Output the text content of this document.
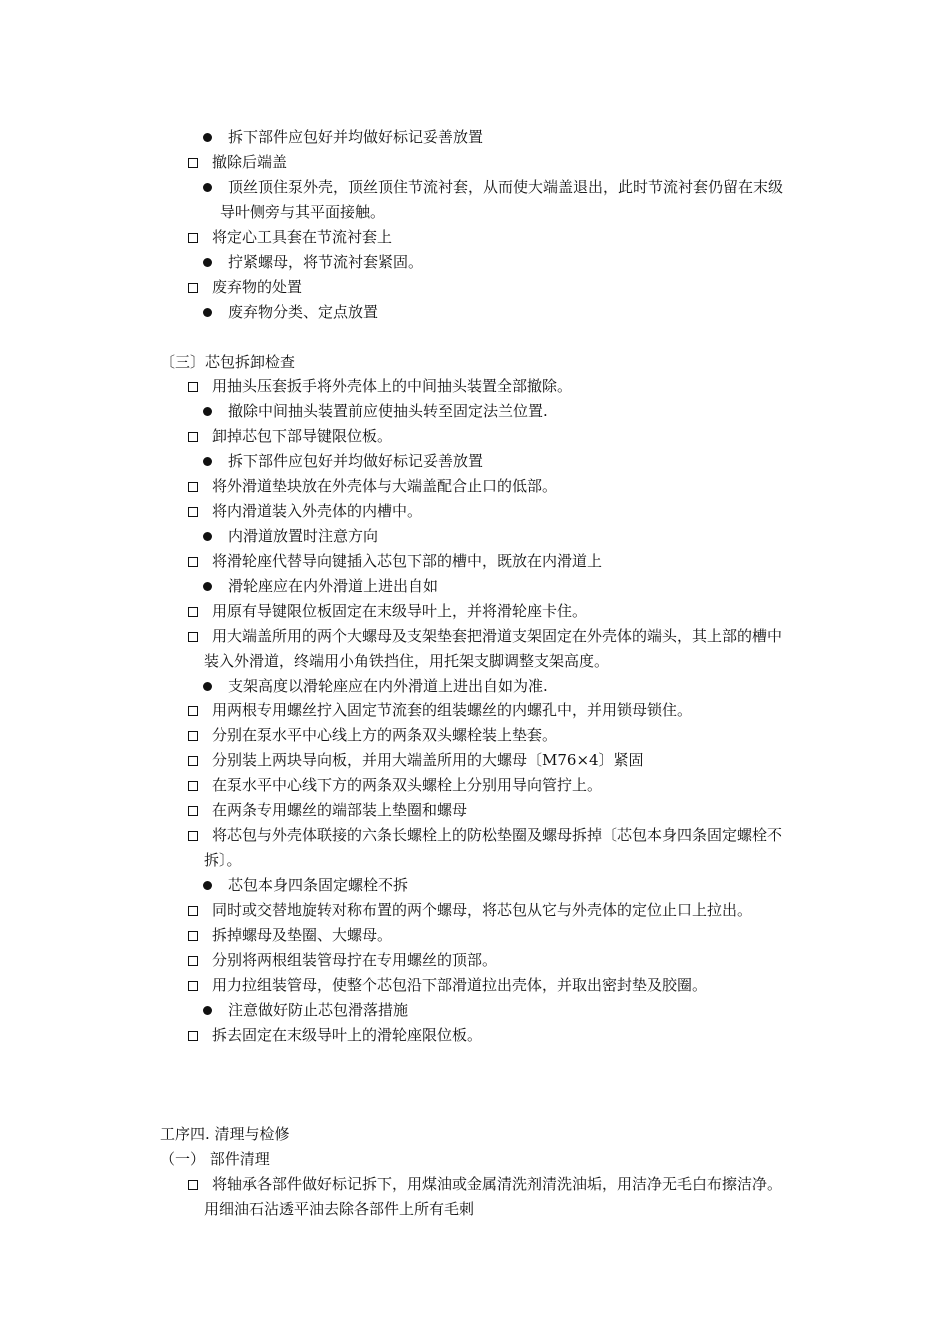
拆下部件应包好并均做好标记妥善放置
撤除后端盖
顶丝顶住泵外壳，顶丝顶住节流衬套，从而使大端盖退出，此时节流衬套仍留在末级
导叶侧旁与其平面接触。
将定心工具套在节流衬套上
拧紧螺母，将节流衬套紧固。
废弃物的处置
废弃物分类、定点放置
〔三〕芯包拆卸检查
用抽头压套扳手将外壳体上的中间抽头装置全部撤除。
撤除中间抽头装置前应使抽头转至固定法兰位置.
卸掉芯包下部导键限位板。
拆下部件应包好并均做好标记妥善放置
将外滑道垫块放在外壳体与大端盖配合止口的低部。
将内滑道装入外壳体的内槽中。
内滑道放置时注意方向
将滑轮座代替导向键插入芯包下部的槽中，既放在内滑道上
滑轮座应在内外滑道上进出自如
用原有导键限位板固定在末级导叶上，并将滑轮座卡住。
用大端盖所用的两个大螺母及支架垫套把滑道支架固定在外壳体的端头，其上部的槽中
装入外滑道，终端用小角铁挡住，用托架支脚调整支架高度。
支架高度以滑轮座应在内外滑道上进出自如为准.
用两根专用螺丝拧入固定节流套的组装螺丝的内螺孔中，并用锁母锁住。
分别在泵水平中心线上方的两条双头螺栓装上垫套。
分别装上两块导向板，并用大端盖所用的大螺母〔M76×4〕紧固
在泵水平中心线下方的两条双头螺栓上分别用导向管拧上。
在两条专用螺丝的端部装上垫圈和螺母
将芯包与外壳体联接的六条长螺栓上的防松垫圈及螺母拆掉〔芯包本身四条固定螺栓不
拆〕。
芯包本身四条固定螺栓不拆
同时或交替地旋转对称布置的两个螺母，将芯包从它与外壳体的定位止口上拉出。
拆掉螺母及垫圈、大螺母。
分别将两根组装管母拧在专用螺丝的顶部。
用力拉组装管母，使整个芯包沿下部滑道拉出壳体，并取出密封垫及胶圈。
注意做好防止芯包滑落措施
拆去固定在末级导叶上的滑轮座限位板。
工序四. 清理与检修
（一） 部件清理
将轴承各部件做好标记拆下，用煤油或金属清洗剂清洗油垢，用洁净无毛白布擦洁净。
用细油石沾透平油去除各部件上所有毛刺
